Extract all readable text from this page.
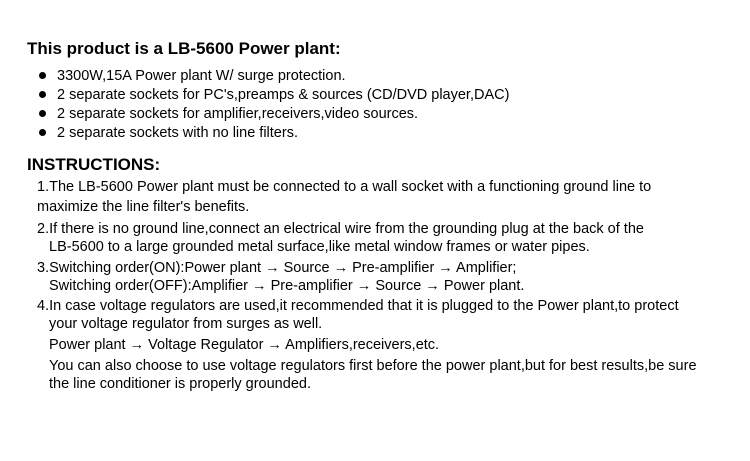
This product is a LB-5600 Power plant:
3300W,15A Power plant W/ surge protection.
2 separate sockets for PC's,preamps & sources (CD/DVD player,DAC)
2 separate sockets for amplifier,receivers,video sources.
2 separate sockets with no line filters.
INSTRUCTIONS:
1.The LB-5600 Power plant must be connected to a wall socket with a functioning ground line to
maximize the line filter's benefits.
2.If there is no ground line,connect an electrical wire from the grounding plug at the back of the
LB-5600 to a large grounded metal surface,like metal window frames or water pipes.
3.Switching order(ON):Power plant → Source → Pre-amplifier → Amplifier;
Switching order(OFF):Amplifier → Pre-amplifier → Source → Power plant.
4.In case voltage regulators are used,it recommended that it is plugged to the Power plant,to protect
your voltage regulator from surges as well.
Power plant → Voltage Regulator → Amplifiers,receivers,etc.
You can also choose to use voltage regulators first before the power plant,but for best results,be sure
the line conditioner is properly grounded.
